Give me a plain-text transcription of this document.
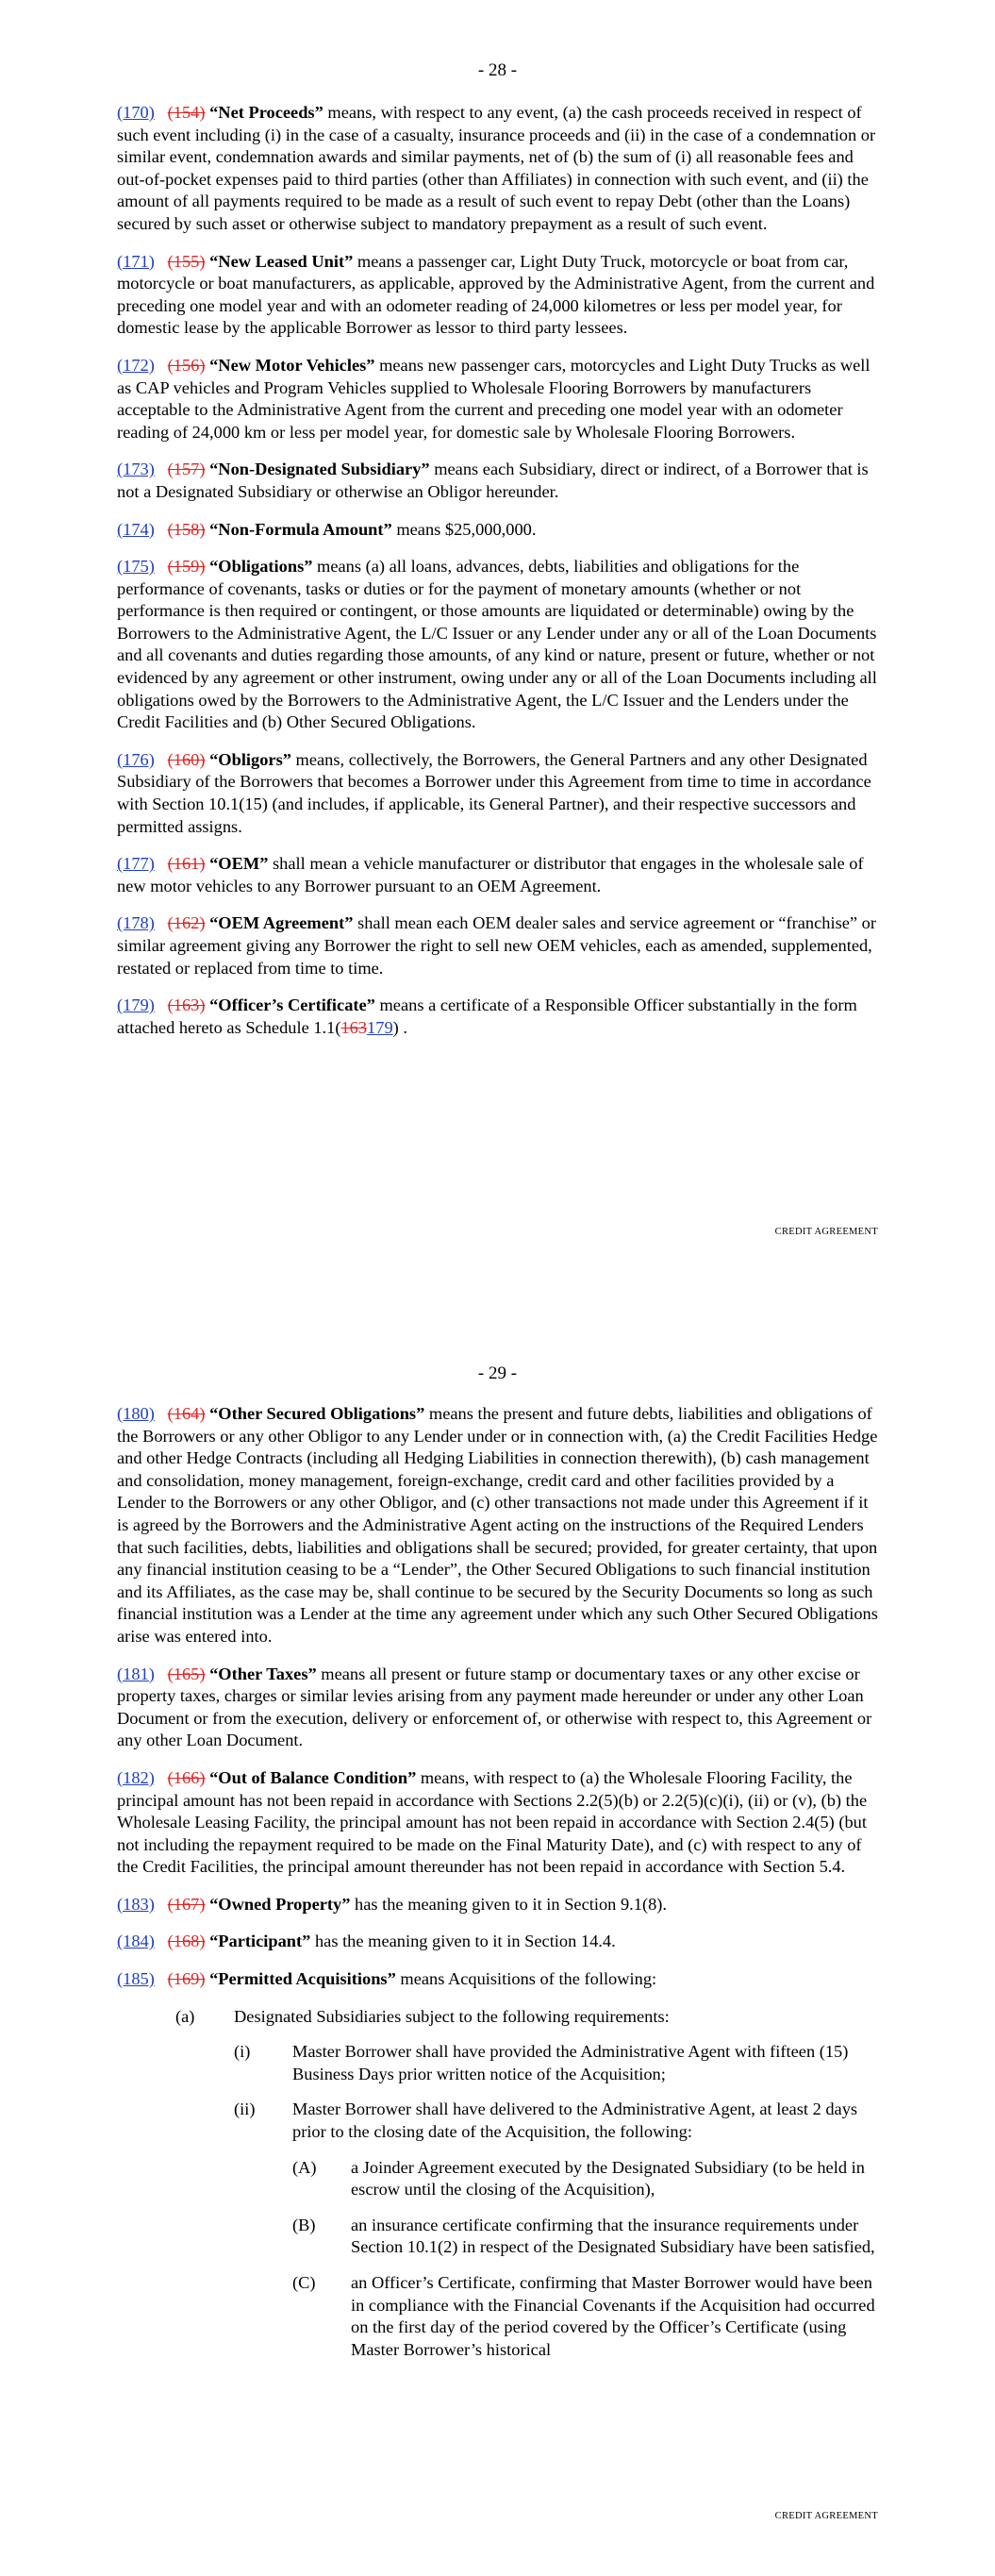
- 28 -

(170) (154) “Net Proceeds” means, with respect to any event, (a) the cash proceeds received in respect of such event including (i) in the case of a casualty, insurance proceeds and (ii) in the case of a condemnation or similar event, condemnation awards and similar payments, net of (b) the sum of (i) all reasonable fees and out-of-pocket expenses paid to third parties (other than Affiliates) in connection with such event, and (ii) the amount of all payments required to be made as a result of such event to repay Debt (other than the Loans) secured by such asset or otherwise subject to mandatory prepayment as a result of such event.

(171) (155) “New Leased Unit” means a passenger car, Light Duty Truck, motorcycle or boat from car, motorcycle or boat manufacturers, as applicable, approved by the Administrative Agent, from the current and preceding one model year and with an odometer reading of 24,000 kilometres or less per model year, for domestic lease by the applicable Borrower as lessor to third party lessees.

(172) (156) “New Motor Vehicles” means new passenger cars, motorcycles and Light Duty Trucks as well as CAP vehicles and Program Vehicles supplied to Wholesale Flooring Borrowers by manufacturers acceptable to the Administrative Agent from the current and preceding one model year with an odometer reading of 24,000 km or less per model year, for domestic sale by Wholesale Flooring Borrowers.

(173) (157) “Non-Designated Subsidiary” means each Subsidiary, direct or indirect, of a Borrower that is not a Designated Subsidiary or otherwise an Obligor hereunder.

(174) (158) “Non-Formula Amount” means $25,000,000.

(175) (159) “Obligations” means (a) all loans, advances, debts, liabilities and obligations for the performance of covenants, tasks or duties or for the payment of monetary amounts (whether or not performance is then required or contingent, or those amounts are liquidated or determinable) owing by the Borrowers to the Administrative Agent, the L/C Issuer or any Lender under any or all of the Loan Documents and all covenants and duties regarding those amounts, of any kind or nature, present or future, whether or not evidenced by any agreement or other instrument, owing under any or all of the Loan Documents including all obligations owed by the Borrowers to the Administrative Agent, the L/C Issuer and the Lenders under the Credit Facilities and (b) Other Secured Obligations.

(176) (160) “Obligors” means, collectively, the Borrowers, the General Partners and any other Designated Subsidiary of the Borrowers that becomes a Borrower under this Agreement from time to time in accordance with Section 10.1(15) (and includes, if applicable, its General Partner), and their respective successors and permitted assigns.

(177) (161) “OEM” shall mean a vehicle manufacturer or distributor that engages in the wholesale sale of new motor vehicles to any Borrower pursuant to an OEM Agreement.

(178) (162) “OEM Agreement” shall mean each OEM dealer sales and service agreement or “franchise” or similar agreement giving any Borrower the right to sell new OEM vehicles, each as amended, supplemented, restated or replaced from time to time.

(179) (163) “Officer’s Certificate” means a certificate of a Responsible Officer substantially in the form attached hereto as Schedule 1.1(163179) .

CREDIT AGREEMENT
- 29 -

(180) (164) “Other Secured Obligations” means the present and future debts, liabilities and obligations of the Borrowers or any other Obligor to any Lender under or in connection with, (a) the Credit Facilities Hedge and other Hedge Contracts (including all Hedging Liabilities in connection therewith), (b) cash management and consolidation, money management, foreign-exchange, credit card and other facilities provided by a Lender to the Borrowers or any other Obligor, and (c) other transactions not made under this Agreement if it is agreed by the Borrowers and the Administrative Agent acting on the instructions of the Required Lenders that such facilities, debts, liabilities and obligations shall be secured; provided, for greater certainty, that upon any financial institution ceasing to be a “Lender”, the Other Secured Obligations to such financial institution and its Affiliates, as the case may be, shall continue to be secured by the Security Documents so long as such financial institution was a Lender at the time any agreement under which any such Other Secured Obligations arise was entered into.

(181) (165) “Other Taxes” means all present or future stamp or documentary taxes or any other excise or property taxes, charges or similar levies arising from any payment made hereunder or under any other Loan Document or from the execution, delivery or enforcement of, or otherwise with respect to, this Agreement or any other Loan Document.

(182) (166) “Out of Balance Condition” means, with respect to (a) the Wholesale Flooring Facility, the principal amount has not been repaid in accordance with Sections 2.2(5)(b) or 2.2(5)(c)(i), (ii) or (v), (b) the Wholesale Leasing Facility, the principal amount has not been repaid in accordance with Section 2.4(5) (but not including the repayment required to be made on the Final Maturity Date), and (c) with respect to any of the Credit Facilities, the principal amount thereunder has not been repaid in accordance with Section 5.4.

(183) (167) “Owned Property” has the meaning given to it in Section 9.1(8).

(184) (168) “Participant” has the meaning given to it in Section 14.4.

(185) (169) “Permitted Acquisitions” means Acquisitions of the following:

(a)	Designated Subsidiaries subject to the following requirements:
(i)	Master Borrower shall have provided the Administrative Agent with fifteen (15) Business Days prior written notice of the Acquisition;
(ii)	Master Borrower shall have delivered to the Administrative Agent, at least 2 days prior to the closing date of the Acquisition, the following:
(A)	a Joinder Agreement executed by the Designated Subsidiary (to be held in escrow until the closing of the Acquisition),
(B)	an insurance certificate confirming that the insurance requirements under Section 10.1(2) in respect of the Designated Subsidiary have been satisfied,
(C)	an Officer’s Certificate, confirming that Master Borrower would have been in compliance with the Financial Covenants if the Acquisition had occurred on the first day of the period covered by the Officer’s Certificate (using Master Borrower’s historical
CREDIT AGREEMENT
